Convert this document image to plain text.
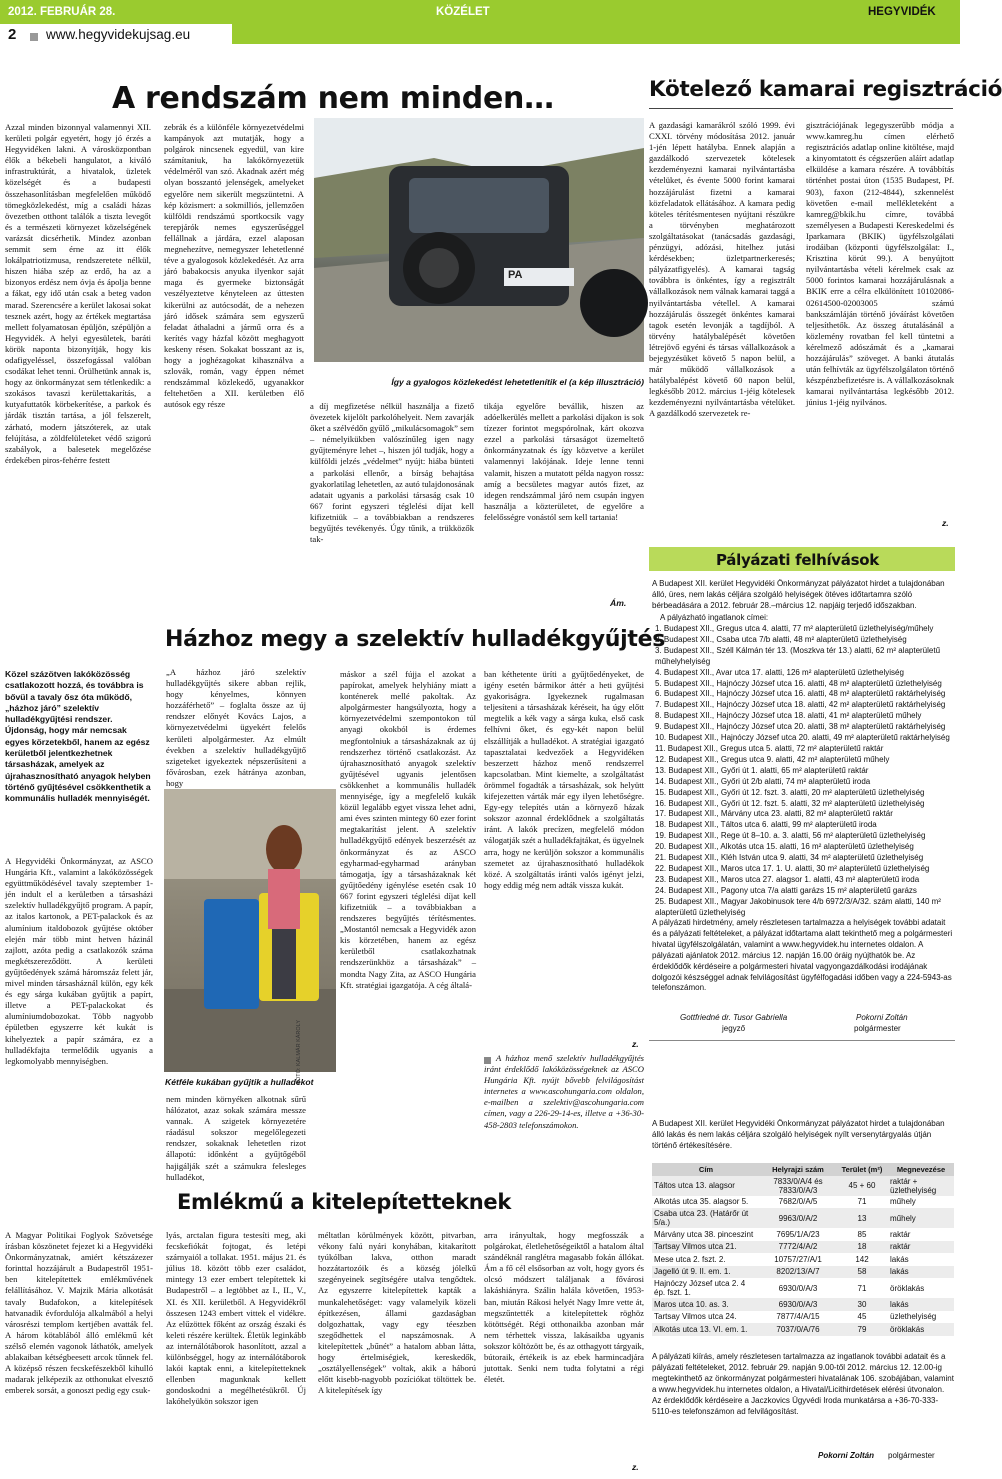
2012. FEBRUÁR 28.	KÖZÉLET	HEGYVIDÉK
2 www.hegyvidekujsag.eu
A rendszám nem minden…	Kötelező kamarai regisztráció
Azzal minden bizonnyal valamennyi XII. kerületi polgár egyetért, hogy jó érzés a Hegyvidéken lakni. A városközpontban élők a békebeli hangulatot, a kiváló infrastruktúrát, a hivatalok, üzletek közelségét és a budapesti összehasonlításban megfelelően működő tömegközlekedést, míg a családi házas övezetben otthont találók a tiszta levegőt és a természeti környezet közelségének varázsát dicsérhetik. Mindez azonban semmit sem érne az itt élők lokálpatriotizmusa, rendszeretete nélkül, hiszen hiába szép az erdő, ha az a bizonyos erdész nem óvja és ápolja benne a fákat, egy idő után csak a beteg vadon marad. Szerencsére a kerület lakosai sokat tesznek azért, hogy az értékek megtartása mellett folyamatosan épüljön, szépüljön a Hegyvidék. A helyi egyesületek, baráti körök naponta bizonyítják, hogy kis odafigyeléssel, összefogással valóban csodákat lehet tenni. Örülhetünk annak is, hogy az önkormányzat sem tétlenkedik: a szokásos tavaszi kerülettakarítás, a kutyafuttatók körbekerítése, a parkok és járdák tisztán tartása, a jól felszerelt, zárható, modern játszóterek, az utak felújítása, a zöldfelületeket védő szigorú szabályok, a balesetek megelőzése érdekében piros-fehérre festett
zebrák és a különféle környezetvédelmi kampányok azt mutatják, hogy a polgárok nincsenek egyedül, van kire számítaniuk, ha lakókörnyezetük védelméről van szó. Akadnak azért még olyan bosszantó jelenségek, amelyeket egyelőre nem sikerült megszüntetni. A kép közismert: a sokmilliós, jellemzően külföldi rendszámú sportkocsik vagy terepjárók nemes egyszerűséggel fellállnak a járdára, ezzel alaposan megnehezítve, nemegyszer lehetetlenné téve a gyalogosok közlekedését. Az arra járó babakocsis anyuka ilyenkor saját maga és gyermeke biztonságát veszélyeztetve kényteleen az úttesten kikerülni az autócsodát, de a nehezen járó idősek számára sem egyszerű feladat áthaladni a jármű orra és a kerítés vagy házfal között meghagyott keskeny résen. Sokakat bosszant az is, hogy a joghézagokat kihasználva a szlovák, román, vagy éppen német rendszámmal közlekedő, ugyanakkor feltehetően a XII. kerületben élő autósok egy része
PA
Így a gyalogos közlekedést lehetetlenítik el (a kép illusztráció)
a díj megfizetése nélkül használja a fizető övezetek kijelölt parkolóhelyeit. Nem zavarják őket a szélvédőn gyűlő „mikulácsomagok” sem – némelyikükben valószínűleg igen nagy gyűjteményre lehet –, hiszen jól tudják, hogy a külföldi jelzés „védelmet” nyújt: hiába bünteti a parkolási ellenőr, a bírság behajtása gyakorlatilag lehetetlen, az autó tulajdonosának adatait ugyanis a parkolási társaság csak 10 667 forint egyszeri téglelési díjat kell kifizetniük – a továbbiakban a rendszeres begyűjtés tevékenyés. Úgy tűnik, a trükközők tak-
tikája egyelőre bevállik, hiszen az adóelkerülés mellett a parkolási díjakon is sok tízezer forintot megspórolnak, kárt okozva ezzel a parkolási társaságot üzemeltető önkormányzatnak és így közvetve a kerület valamennyi lakójának. Ideje lenne tenni valamit, hiszen a mutatott példa nagyon rossz: amíg a becsületes magyar autós fizet, az idegen rendszámmal járó nem csupán ingyen használja a közterületet, de egyelőre a felelősségre vonástól sem kell tartania!
Ám.
A gazdasági kamarákról szóló 1999. évi CXXI. törvény módosítása 2012. január 1-jén lépett hatályba. Ennek alapján a gazdálkodó szervezetek kötelesek kezdeményezni kamarai nyilvántartásba vételüket, és évente 5000 forint kamarai hozzájárulást fizetni a kamarai közfeladatok ellátásához. A kamara pedig köteles térítésmentesen nyújtani részükre a törvényben meghatározott szolgáltatásokat (tanácsadás gazdasági, pénzügyi, adózási, hitelhez jutási kérdésekben; üzletpartnerkeresés; pályázatfigyelés). A kamarai tagság továbbra is önkéntes, így a regisztrált vállalkozások nem válnak kamarai taggá a nyilvántartásba vétellel. A kamarai hozzájárulás összegét önkéntes kamarai tagok esetén levonják a tagdíjból. A törvény hatálybalépését követően létrejövő egyéni és társas vállalkozások a bejegyzésüket követő 5 napon belül, a már működő vállalkozások a hatálybalépést követő 60 napon belül, legkésőbb 2012. március 1-jéig kötelesek kezdeményezni nyilvántartásba vételüket. A gazdálkodó szervezetek re-
gisztrációjának legegyszerűbb módja a www.kamreg.hu címen elérhető regisztrációs adatlap online kitöltése, majd a kinyomtatott és cégszerűen aláírt adatlap elküldése a kamara részére. A továbbítás történhet postai úton (1535 Budapest, Pf. 903), faxon (212-4844), szkennelést követően e-mail mellékleteként a kamreg@bkik.hu címre, továbbá személyesen a Budapesti Kereskedelmi és Iparkamara (BKIK) ügyfélszolgálati irodáiban (központi ügyfélszolgálat: I., Krisztina körút 99.). A benyújtott nyilvántartásba vételi kérelmek csak az 5000 forintos kamarai hozzájárulásnak a BKIK erre a célra elkülönített 10102086-02614500-02003005 számú bankszámláján történő jóváírást követően teljesíthetők. Az összeg átutalásánál a közlemény rovatban fel kell tüntetni a kérelmező adószámát és a „kamarai hozzájárulás” szöveget. A banki átutalás után felhívták az ügyfélszolgálaton történő készpénzbefizetésre is. A vállalkozásoknak kamarai nyilvántartása legkésőbb 2012. június 1-jéig nyilvános.
z.
Pályázati felhívások
A Budapest XII. kerület Hegyvidéki Önkormányzat pályázatot hirdet a tulajdonában álló, üres, nem lakás céljára szolgáló helyiségek ötéves időtartamra szóló bérbeadására a 2012. február 28.–március 12. napjáig terjedő időszakban.
A pályázható ingatlanok címei:
1. Budapest XII., Gregus utca 4. alatti, 77 m² alapterületű üzlethelyiség/műhely
2. Budapest XII., Csaba utca 7/b alatti, 48 m² alapterületű üzlethelyiség
3. Budapest XII., Széll Kálmán tér 13. (Moszkva tér 13.) alatti, 62 m² alapterületű műhelyhelyiség
4. Budapest XII., Avar utca 17. alatti, 126 m² alapterületű üzlethelyiség
5. Budapest XII., Hajnóczy József utca 16. alatti, 48 m² alapterületű üzlethelyiség
6. Budapest XII., Hajnóczy József utca 16. alatti, 48 m² alapterületű raktárhelyiség
7. Budapest XII., Hajnóczy József utca 18. alatti, 42 m² alapterületű raktárhelyiség
8. Budapest XII., Hajnóczy József utca 18. alatti, 41 m² alapterületű műhely
9. Budapest XII., Hajnóczy József utca 20. alatti, 38 m² alapterületű raktárhelyiség
10. Budapest XII., Hajnóczy József utca 20. alatti, 49 m² alapterületű raktárhelyiség
11. Budapest XII., Gregus utca 5. alatti, 72 m² alapterületű raktár
12. Budapest XII., Gregus utca 9. alatti, 42 m² alapterületű műhely
13. Budapest XII., Győri út 1. alatti, 65 m² alapterületű raktár
14. Budapest XII., Győri út 2/b alatti, 74 m² alapterületű iroda
15. Budapest XII., Győri út 12. fszt. 3. alatti, 20 m² alapterületű üzlethelyiség
16. Budapest XII., Győri út 12. fszt. 5. alatti, 32 m² alapterületű üzlethelyiség
17. Budapest XII., Márvány utca 23. alatti, 82 m² alapterületű raktár
18. Budapest XII., Táltos utca 6. alatti, 99 m² alapterületű iroda
19. Budapest XII., Rege út 8–10. a. 3. alatti, 56 m² alapterületű üzlethelyiség
20. Budapest XII., Alkotás utca 15. alatti, 16 m² alapterületű üzlethelyiség
21. Budapest XII., Kléh István utca 9. alatti, 34 m² alapterületű üzlethelyiség
22. Budapest XII., Maros utca 17. 1. U. alatti, 30 m² alapterületű üzlethelyiség
23. Budapest XII., Maros utca 27. alagsor 1. alatti, 43 m² alapterületű iroda
24. Budapest XII., Pagony utca 7/a alatti garázs 15 m² alapterületű garázs
25. Budapest XII., Magyar Jakobinusok tere 4/b 6972/3/A/32. szám alatti, 140 m² alapterületű üzlethelyiség
A pályázati hirdetmény, amely részletesen tartalmazza a helyiségek további adatait és a pályázati feltételeket, a pályázat időtartama alatt tekinthető meg a polgármesteri hivatal ügyfélszolgálatán, valamint a www.hegyvidek.hu internetes oldalon. A pályázati ajánlatok 2012. március 12. napján 16.00 óráig nyújthatók be. Az érdeklődők kérdéseire a polgármesteri hivatal vagyongazdálkodási irodájának dolgozói készséggel adnak felvilágosítást ügyfélfogadási időben vagy a 224-5943-as telefonszámon.
Gottfriedné dr. Tusor Gabriella	Pokorni Zoltán
jegyző	polgármester
A Budapest XII. kerület Hegyvidéki Önkormányzat pályázatot hirdet a tulajdonában álló lakás és nem lakás céljára szolgáló helyiségek nyílt versenytárgyalás útján történő értékesítésére.
Cím	Helyrajzi szám	Terület (m²)	Megnevezése
Táltos utca 13. alagsor	7833/0/A/4 és 7833/0/A/3	45 + 60	raktár + üzlethelyiség
Alkotás utca 35. alagsor 5.	7682/0/A/5	71	műhely
Csaba utca 23. (Határőr út 5/a.)	9963/0/A/2	13	műhely
Márvány utca 38. pinceszint	7695/1/A/23	85	raktár
Tartsay Vilmos utca 21.	7772/4/A/2	18	raktár
Mese utca 2. fszt. 2.	10757/27/A/1	142	lakás
Jagelló út 9. II. em. 1.	8202/13/A/7	58	lakás
Hajnóczy József utca 2. 4 ép. fszt. 1.	6930/0/A/3	71	öröklakás
Maros utca 10. as. 3.	6930/0/A/3	30	lakás
Tartsay Vilmos utca 24.	7877/4/A/15	45	üzlethelyiség
Alkotás utca 13. VI. em. 1.	7037/0/A/76	79	öröklakás
A pályázati kiírás, amely részletesen tartalmazza az ingatlanok további adatait és a pályázati feltételeket, 2012. február 29. napján 9.00-től 2012. március 12. 12.00-ig megtekinthető az önkormányzat polgármesteri hivatalának 106. szobájában, valamint a www.hegyvidek.hu internetes oldalon, a Hivatal/Licithirdetések elérési útvonalon. Az érdeklődők kérdéseire a Jaczkovics Ügyvédi Iroda munkatársa a +36-70-333-5110-es telefonszámon ad felvilágosítást.
Pokorni Zoltán polgármester
Házhoz megy a szelektív hulladékgyűjtés
Közel százötven lakóközösség csatlakozott hozzá, és továbbra is bővül a tavaly ősz óta működő, „házhoz járó” szelektív hulladékgyűjtési rendszer. Újdonság, hogy már nemcsak egyes körzetekből, hanem az egész kerületből jelentkezhetnek társasházak, amelyek az újrahasznosítható anyagok helyben történő gyűjtésével csökkenthetik a kommunális hulladék mennyiségét.
A Hegyvidéki Önkormányzat, az ASCO Hungária Kft., valamint a lakóközösségek együttműködésével tavaly szeptember 1-jén indult el a kerületben a társasházi szelektív hulladékgyűjtő program. A papír, az italos kartonok, a PET-palackok és az alumínium italdobozok gyűjtése október elején már több mint hetven házinál zajlott, azóta pedig a csatlakozók száma megkétszereződött. A kerületi gyűjtőedények számá háromszáz felett jár, mivel minden társasháznál külön, egy kék és egy sárga kukában gyűjtik a papírt, illetve a PET-palackokat és alumíniumdobozokat. Több nagyobb épületben egyszerre két kukát is kihelyeztek a papír számára, ez a hulladékfajta termelődik ugyanis a legkomolyabb mennyiségben.
„A házhoz járó szelektív hulladékgyűjtés sikere abban rejlik, hogy kényelmes, könnyen hozzáférhető” – foglalta össze az új rendszer előnyét Kovács Lajos, a környezetvédelmi ügyekért felelős kerületi alpolgármester. Az elmúlt években a szelektív hulladékgyűjtő szigeteket igyekeztek népszerűsíteni a fővárosban, ezek hátránya azonban, hogy
Kétféle kukában gyűjtik a hulladékot
FOTÓ: KALMÁR KÁROLY
nem minden környéken alkotnak sűrű hálózatot, azaz sokak számára messze vannak. A szigetek környezetére ráadásul sokszor megelőlegezeti rendszer, sokaknak lehetetlen rizot állapotú: időnként a gyűjtőgéből hajigálják szét a számukra felesleges hulladékot,
máskor a szél fújja el azokat a papírokat, amelyek helyhiány miatt a konténerek mellé pakoltak. Az alpolgármester hangsúlyozta, hogy a környezetvédelmi szempontokon túl anyagi okokból is érdemes megfontolniuk a társasházaknak az új rendszerhez történő csatlakozást. Az újrahasznosítható anyagok szelektív gyűjtésével ugyanis jelentősen csökkenhet a kommunális hulladék mennyisége, így a megfelelő kukák közül legalább egyet vissza lehet adni, ami éves szinten mintegy 60 ezer forint megtakarítást jelent. A szelektív hulladékgyűjtő edények beszerzését az önkormányzat és az ASCO egyharmad-egyharmad arányban támogatja, így a társasházaknak két gyűjtőedény igénylése esetén csak 10 667 forint egyszeri téglelési díjat kell kifizetniük – a továbbiakban a rendszeres begyűjtés térítésmentes. „Mostantól nemcsak a Hegyvidék azon kis körzetében, hanem az egész kerületből csatlakozhatnak rendszerünkhöz a társasházak” – mondta Nagy Zita, az ASCO Hungária Kft. stratégiai igazgatója. A cég általá-
ban kéthetente üríti a gyűjtőedényeket, de igény esetén bármikor áttér a heti gyűjtési gyakoriságra. Igyekeznek rugalmasan teljesíteni a társasházak kéréseit, ha úgy előtt megtelik a kék vagy a sárga kuka, első cask felhívni őket, és egy-két napon belül elszállítják a hulladékot. A stratégiai igazgató tapasztalatai kedvezőek a Hegyvidéken beszerzett házhoz menő rendszerrel kapcsolatban. Mint kiemelte, a szolgáltatást örömmel fogadták a társasházak, sok helyütt kifejezetten várták már egy ilyen lehetőségre. Egy-egy telepítés után a környező házak sokszor azonnal érdeklődnek a szolgáltatás iránt. A lakók precízen, megfelelő módon válogatják szét a hulladékfajtákat, és ügyelnek arra, hogy ne kerüljön sokszor a kommunális szemetet az újrahasznosítható hulladékok közé. A szolgáltatás iránti valós igényt jelzi, hogy eddig még nem adták vissza kukát.
z.
A házhoz menő szelektív hulladékgyűjtés iránt érdeklődő lakóközösségeknek az ASCO Hungária Kft. nyújt bővebb felvilágosítást internetes a www.ascohungaria.com oldalon, e-mailben a szelektiv@ascohungaria.com címen, vagy a 226-29-14-es, illetve a +36-30-458-2803 telefonszámokon.
Emlékmű a kitelepítetteknek
A Magyar Politikai Foglyok Szövetsége írásban köszönetet fejezet ki a Hegyvidéki Önkormányzatnak, amiért kétszázezer forinttal hozzájárult a Budapestről 1951-ben kitelepítettek emlékművének felállításához. V. Majzik Mária alkotását tavaly Budafokon, a kitelepítések hatvanadik évfordulója alkalmából a helyi városrészi templom kertjében avatták fel. A három kötablából álló emlékmű két szélső elemén vagonok láthatók, amelyek ablakaiban kétségbeesett arcok tűnnek fel. A középső részen fecskefészekből kihulló madarak jelképezik az otthonukat elvesztő emberek sorsát, a gonoszt pedig egy csuk-
lyás, arctalan figura testesíti meg, aki fecskefiókát fojtogat, és letépi szárnyaiól a tollakat. 1951. május 21. és július 18. között több ezer családot, mintegy 13 ezer embert telepítettek ki Budapestről – a legtöbbet az I., II., V., XI. és XII. kerületből. A Hegyvidékről összesen 1243 embert vittek el vidékre. Az elűzöttek főként az ország északi és keleti részére kerültek. Életük leginkább az internálótáborok hasonlított, azzal a különbséggel, hogy az internálótáborok lakói kaptak enni, a kitelepítetteknek ellenben magunknak kellett gondoskodni a megélhetésükről. Új lakóhelyükön sokszor igen
méltatlan körülmények között, pitvarban, vékony falú nyári konyhában, kitakarított tyúkólban lakva, otthon maradt hozzátartozóik és a község jólelkű szegényeinek segítségére utalva tengődtek. Az egyszerre kitelepítettek kapták a munkalehetőséget: vagy valamelyik közeli építkezésen, állami gazdaságban dolgozhattak, vagy egy téeszben szegődhettek el napszámosnak. A kitelepítettek „bűnét” a hatalom abban látta, hogy értelmiségiek, kereskedők, „osztályellenségek” voltak, akik a háború előtt kisebb-nagyobb pozíciókat töltöttek be. A kitelepítések így
arra irányultak, hogy megfosszák a polgárokat, életlehetőségeiktől a hatalom által szándéknál ranglétra magasabb fokán állókat. Ám a fő cél elsősorban az volt, hogy gyors és olcsó módszert találjanak a fővárosi lakáshiányra. Szálin halála követően, 1953-ban, miután Rákosi helyét Nagy Imre vette át, megszűntették a kitelepítettek röghöz kötöttségét. Régi otthonaikba azonban már nem térhettek vissza, lakásaikba ugyanis sokszor költözött be, és az otthagyott tárgyaik, bútoraik, értékeik is az ebek harmincadjára jutottak. Senki nem tudta folytatni a régi életét.
z.
